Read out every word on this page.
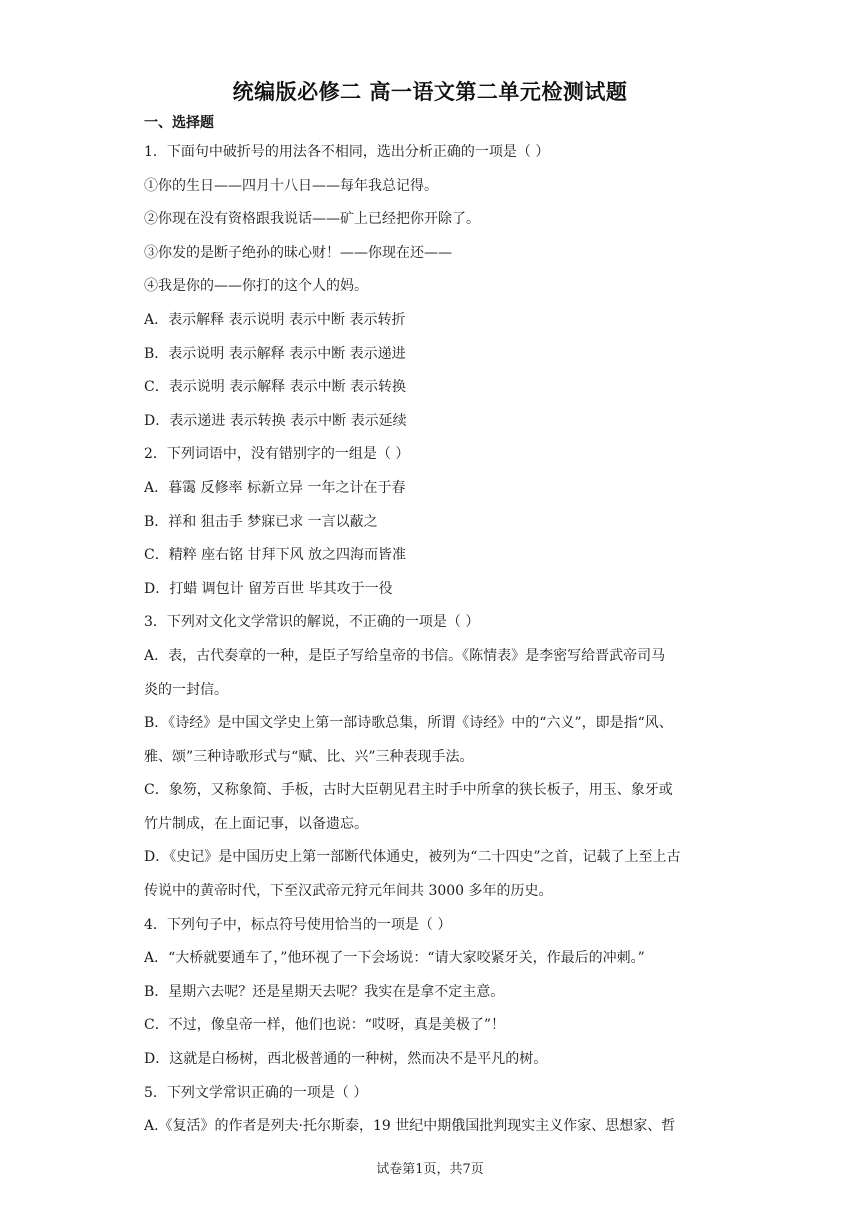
统编版必修二 高一语文第二单元检测试题
一、选择题
1．下面句中破折号的用法各不相同，选出分析正确的一项是（ ）
①你的生日——四月十八日——每年我总记得。
②你现在没有资格跟我说话——矿上已经把你开除了。
③你发的是断子绝孙的昧心财！——你现在还——
④我是你的——你打的这个人的妈。
A．表示解释 表示说明 表示中断 表示转折
B．表示说明 表示解释 表示中断 表示递进
C．表示说明 表示解释 表示中断 表示转换
D．表示递进 表示转换 表示中断 表示延续
2．下列词语中，没有错别字的一组是（ ）
A．暮霭 反修率 标新立异 一年之计在于春
B．祥和 狙击手 梦寐已求 一言以蔽之
C．精粹 座右铭 甘拜下风 放之四海而皆准
D．打蜡 调包计 留芳百世 毕其攻于一役
3．下列对文化文学常识的解说，不正确的一项是（ ）
A．表，古代奏章的一种，是臣子写给皇帝的书信。《陈情表》是李密写给晋武帝司马
炎的一封信。
B．《诗经》是中国文学史上第一部诗歌总集，所谓《诗经》中的“六义”，即是指“风、
雅、颂”三种诗歌形式与“赋、比、兴”三种表现手法。
C．象笏，又称象简、手板，古时大臣朝见君主时手中所拿的狭长板子，用玉、象牙或
竹片制成，在上面记事，以备遗忘。
D．《史记》是中国历史上第一部断代体通史，被列为“二十四史”之首，记载了上至上古
传说中的黄帝时代，下至汉武帝元狩元年间共 3000 多年的历史。
4．下列句子中，标点符号使用恰当的一项是（ ）
A．“大桥就要通车了，”他环视了一下会场说：“请大家咬紧牙关，作最后的冲刺。”
B．星期六去呢？还是星期天去呢？我实在是拿不定主意。
C．不过，像皇帝一样，他们也说：“哎呀，真是美极了”！
D．这就是白杨树，西北极普通的一种树，然而决不是平凡的树。
5．下列文学常识正确的一项是（ ）
A.《复活》的作者是列夫·托尔斯泰，19 世纪中期俄国批判现实主义作家、思想家、哲
试卷第1页，共7页
